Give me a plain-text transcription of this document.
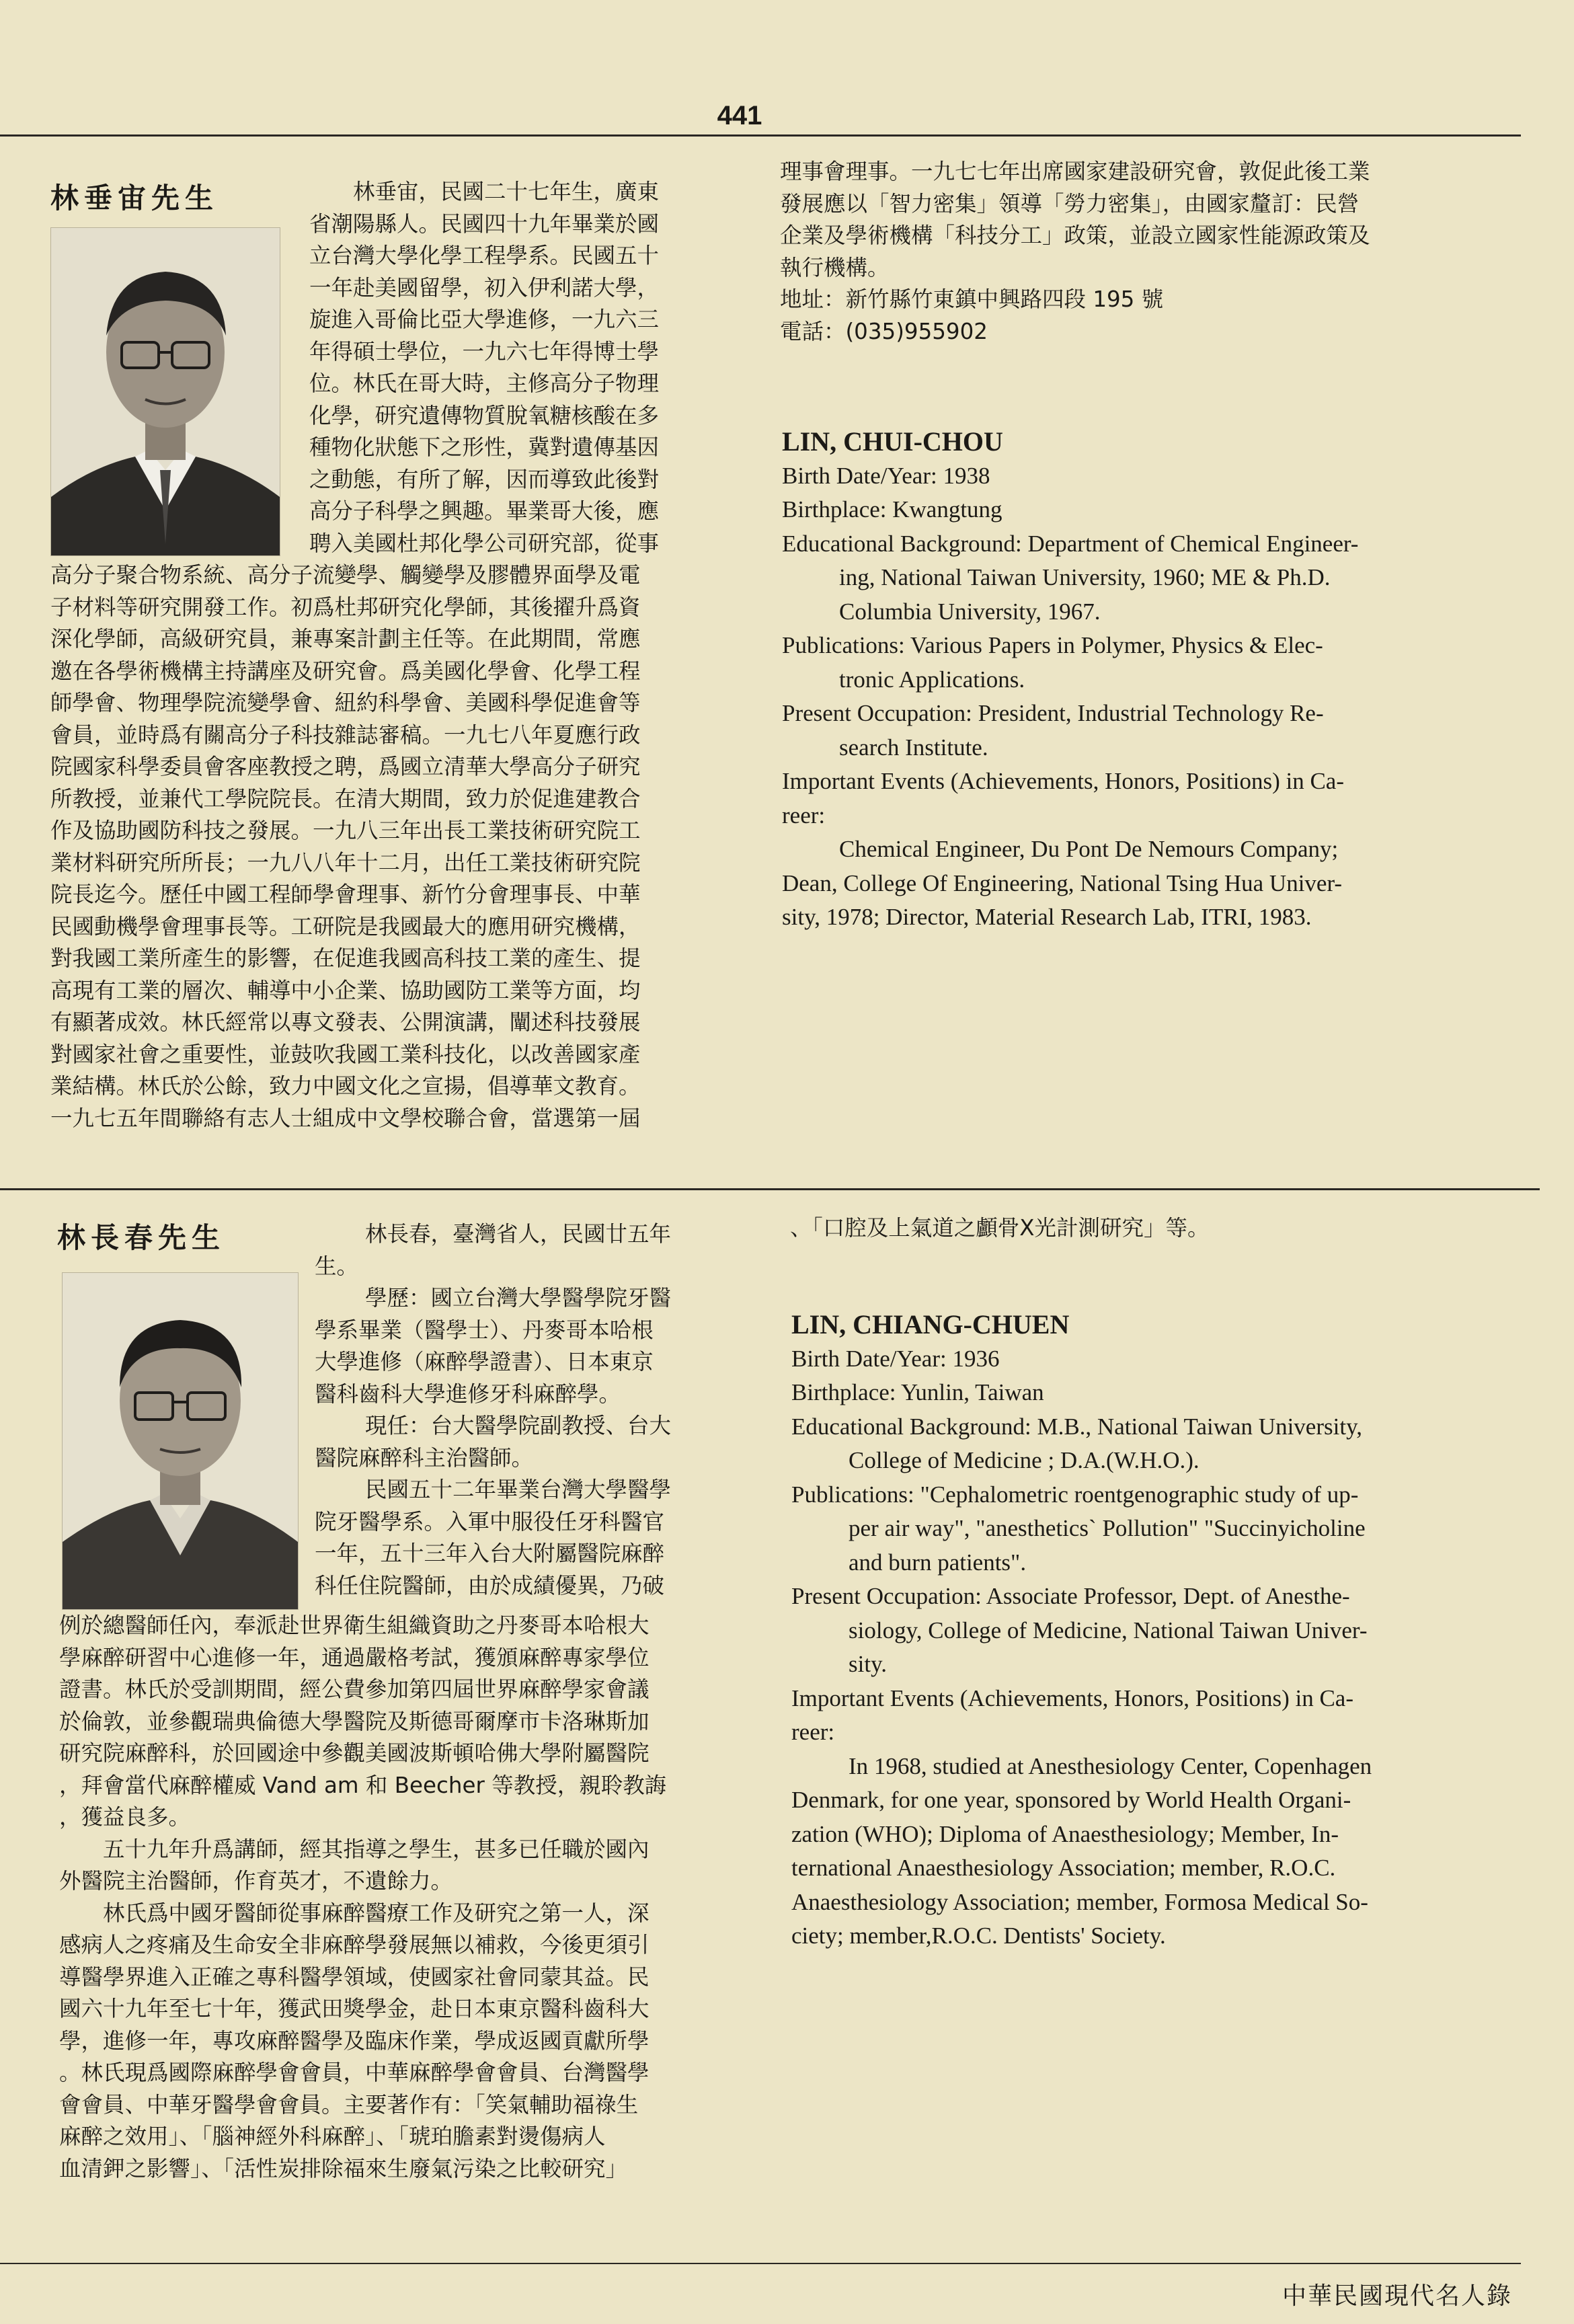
441
林垂宙先生	林垂宙，民國二十七年生，廣東

省潮陽縣人。民國四十九年畢業於國

立台灣大學化學工程學系。民國五十

一年赴美國留學，初入伊利諾大學，

旋進入哥倫比亞大學進修，一九六三

年得碩士學位，一九六七年得博士學

位。林氏在哥大時，主修高分子物理

化學，研究遺傳物質脫氧糖核酸在多

種物化狀態下之形性，冀對遺傳基因

之動態，有所了解，因而導致此後對

高分子科學之興趣。畢業哥大後，應

聘入美國杜邦化學公司研究部，從事

高分子聚合物系統、高分子流變學、觸變學及膠體界面學及電

子材料等研究開發工作。初爲杜邦研究化學師，其後擢升爲資

深化學師，高級研究員，兼專案計劃主任等。在此期間，常應

邀在各學術機構主持講座及研究會。爲美國化學會、化學工程

師學會、物理學院流變學會、紐約科學會、美國科學促進會等

會員，並時爲有關高分子科技雜誌審稿。一九七八年夏應行政

院國家科學委員會客座教授之聘，爲國立清華大學高分子研究

所教授，並兼代工學院院長。在清大期間，致力於促進建教合

作及協助國防科技之發展。一九八三年出長工業技術研究院工

業材料研究所所長；一九八八年十二月，出任工業技術研究院

院長迄今。歷任中國工程師學會理事、新竹分會理事長、中華

民國動機學會理事長等。工研院是我國最大的應用研究機構，

對我國工業所產生的影響，在促進我國高科技工業的產生、提

高現有工業的層次、輔導中小企業、協助國防工業等方面，均

有顯著成效。林氏經常以專文發表、公開演講，闡述科技發展

對國家社會之重要性，並鼓吹我國工業科技化，以改善國家產

業結構。林氏於公餘，致力中國文化之宣揚，倡導華文教育。

一九七五年間聯絡有志人士組成中文學校聯合會，當選第一屆

理事會理事。一九七七年出席國家建設研究會，敦促此後工業

發展應以「智力密集」領導「勞力密集」，由國家釐訂：民營

企業及學術機構「科技分工」政策，並設立國家性能源政策及

執行機構。

地址：新竹縣竹東鎮中興路四段 195 號

電話：(035)955902

LIN, CHUI-CHOU

Birth Date/Year: 1938

Birthplace: Kwangtung

Educational Background: Department of Chemical Engineer-

ing, National Taiwan University, 1960; ME & Ph.D.

Columbia University, 1967.

Publications: Various Papers in Polymer, Physics & Elec-

tronic Applications.

Present Occupation: President, Industrial Technology Re-

search Institute.

Important Events (Achievements, Honors, Positions) in Ca-

reer:

Chemical Engineer, Du Pont De Nemours Company;

Dean, College Of Engineering, National Tsing Hua Univer-

sity, 1978; Director, Material Research Lab, ITRI, 1983.

林長春先生	林長春，臺灣省人，民國廿五年

生。

學歷：國立台灣大學醫學院牙醫

學系畢業（醫學士）、丹麥哥本哈根

大學進修（麻醉學證書）、日本東京

醫科齒科大學進修牙科麻醉學。

現任：台大醫學院副教授、台大

醫院麻醉科主治醫師。

民國五十二年畢業台灣大學醫學

院牙醫學系。入軍中服役任牙科醫官

一年，五十三年入台大附屬醫院麻醉

科任住院醫師，由於成績優異，乃破

例於總醫師任內，奉派赴世界衛生組織資助之丹麥哥本哈根大

學麻醉研習中心進修一年，通過嚴格考試，獲頒麻醉專家學位

證書。林氏於受訓期間，經公費參加第四屆世界麻醉學家會議

於倫敦，並參觀瑞典倫德大學醫院及斯德哥爾摩市卡洛琳斯加

研究院麻醉科，於回國途中參觀美國波斯頓哈佛大學附屬醫院

，拜會當代麻醉權威 Vand am 和 Beecher 等教授，親聆教誨

，獲益良多。

五十九年升爲講師，經其指導之學生，甚多已任職於國內

外醫院主治醫師，作育英才，不遺餘力。

林氏爲中國牙醫師從事麻醉醫療工作及研究之第一人，深

感病人之疼痛及生命安全非麻醉學發展無以補救，今後更須引

導醫學界進入正確之專科醫學領域，使國家社會同蒙其益。民

國六十九年至七十年，獲武田獎學金，赴日本東京醫科齒科大

學，進修一年，專攻麻醉醫學及臨床作業，學成返國貢獻所學

。林氏現爲國際麻醉學會會員，中華麻醉學會會員、台灣醫學

會會員、中華牙醫學會會員。主要著作有：「笑氣輔助福祿生

麻醉之效用」、「腦神經外科麻醉」、「琥珀膽素對燙傷病人

血清鉀之影響」、「活性炭排除福來生廢氣污染之比較研究」

、「口腔及上氣道之顱骨X光計測研究」等。

LIN, CHIANG-CHUEN

Birth Date/Year: 1936

Birthplace: Yunlin, Taiwan

Educational Background: M.B., National Taiwan University,

College of Medicine ; D.A.(W.H.O.).

Publications: "Cephalometric roentgenographic study of up-

per air way", "anesthetics` Pollution" "Succinyicholine

and burn patients".

Present Occupation: Associate Professor, Dept. of Anesthe-

siology, College of Medicine, National Taiwan Univer-

sity.

Important Events (Achievements, Honors, Positions) in Ca-

reer:

In 1968, studied at Anesthesiology Center, Copenhagen

Denmark, for one year, sponsored by World Health Organi-

zation (WHO); Diploma of Anaesthesiology; Member, In-

ternational Anaesthesiology Association; member, R.O.C.

Anaesthesiology Association; member, Formosa Medical So-

ciety; member,R.O.C. Dentists' Society.

中華民國現代名人錄
